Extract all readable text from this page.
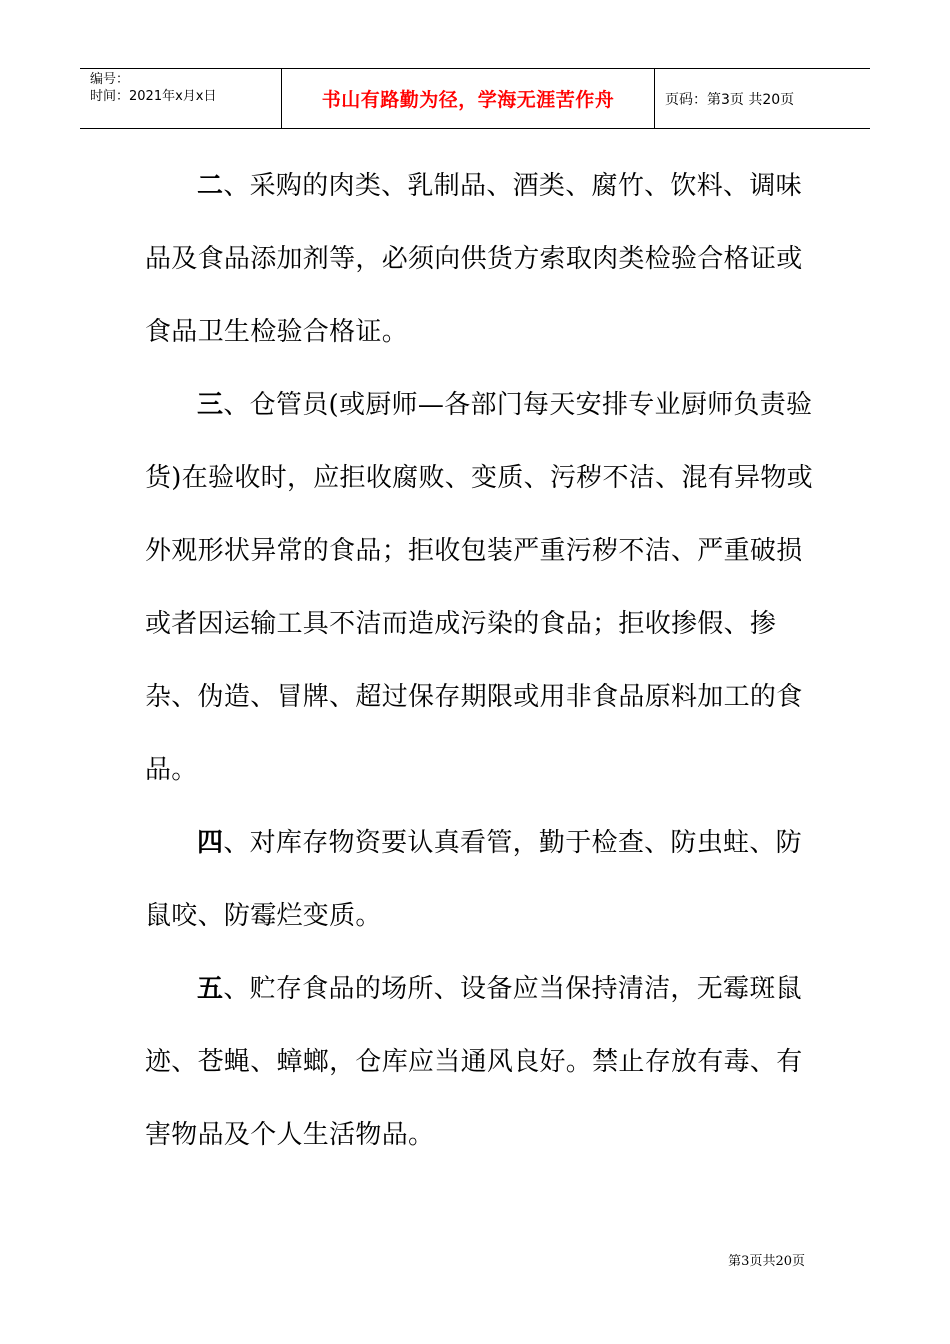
编号：
时间：2021年x月x日	书山有路勤为径，学海无涯苦作舟	页码：第3页 共20页

二、采购的肉类、乳制品、酒类、腐竹、饮料、调味品及食品添加剂等，必须向供货方索取肉类检验合格证或食品卫生检验合格证。

三、仓管员(或厨师—各部门每天安排专业厨师负责验货)在验收时，应拒收腐败、变质、污秽不洁、混有异物或外观形状异常的食品；拒收包装严重污秽不洁、严重破损或者因运输工具不洁而造成污染的食品；拒收掺假、掺杂、伪造、冒牌、超过保存期限或用非食品原料加工的食品。

四、对库存物资要认真看管，勤于检查、防虫蛀、防鼠咬、防霉烂变质。

五、贮存食品的场所、设备应当保持清洁，无霉斑鼠迹、苍蝇、蟑螂，仓库应当通风良好。禁止存放有毒、有害物品及个人生活物品。

第3页共20页
